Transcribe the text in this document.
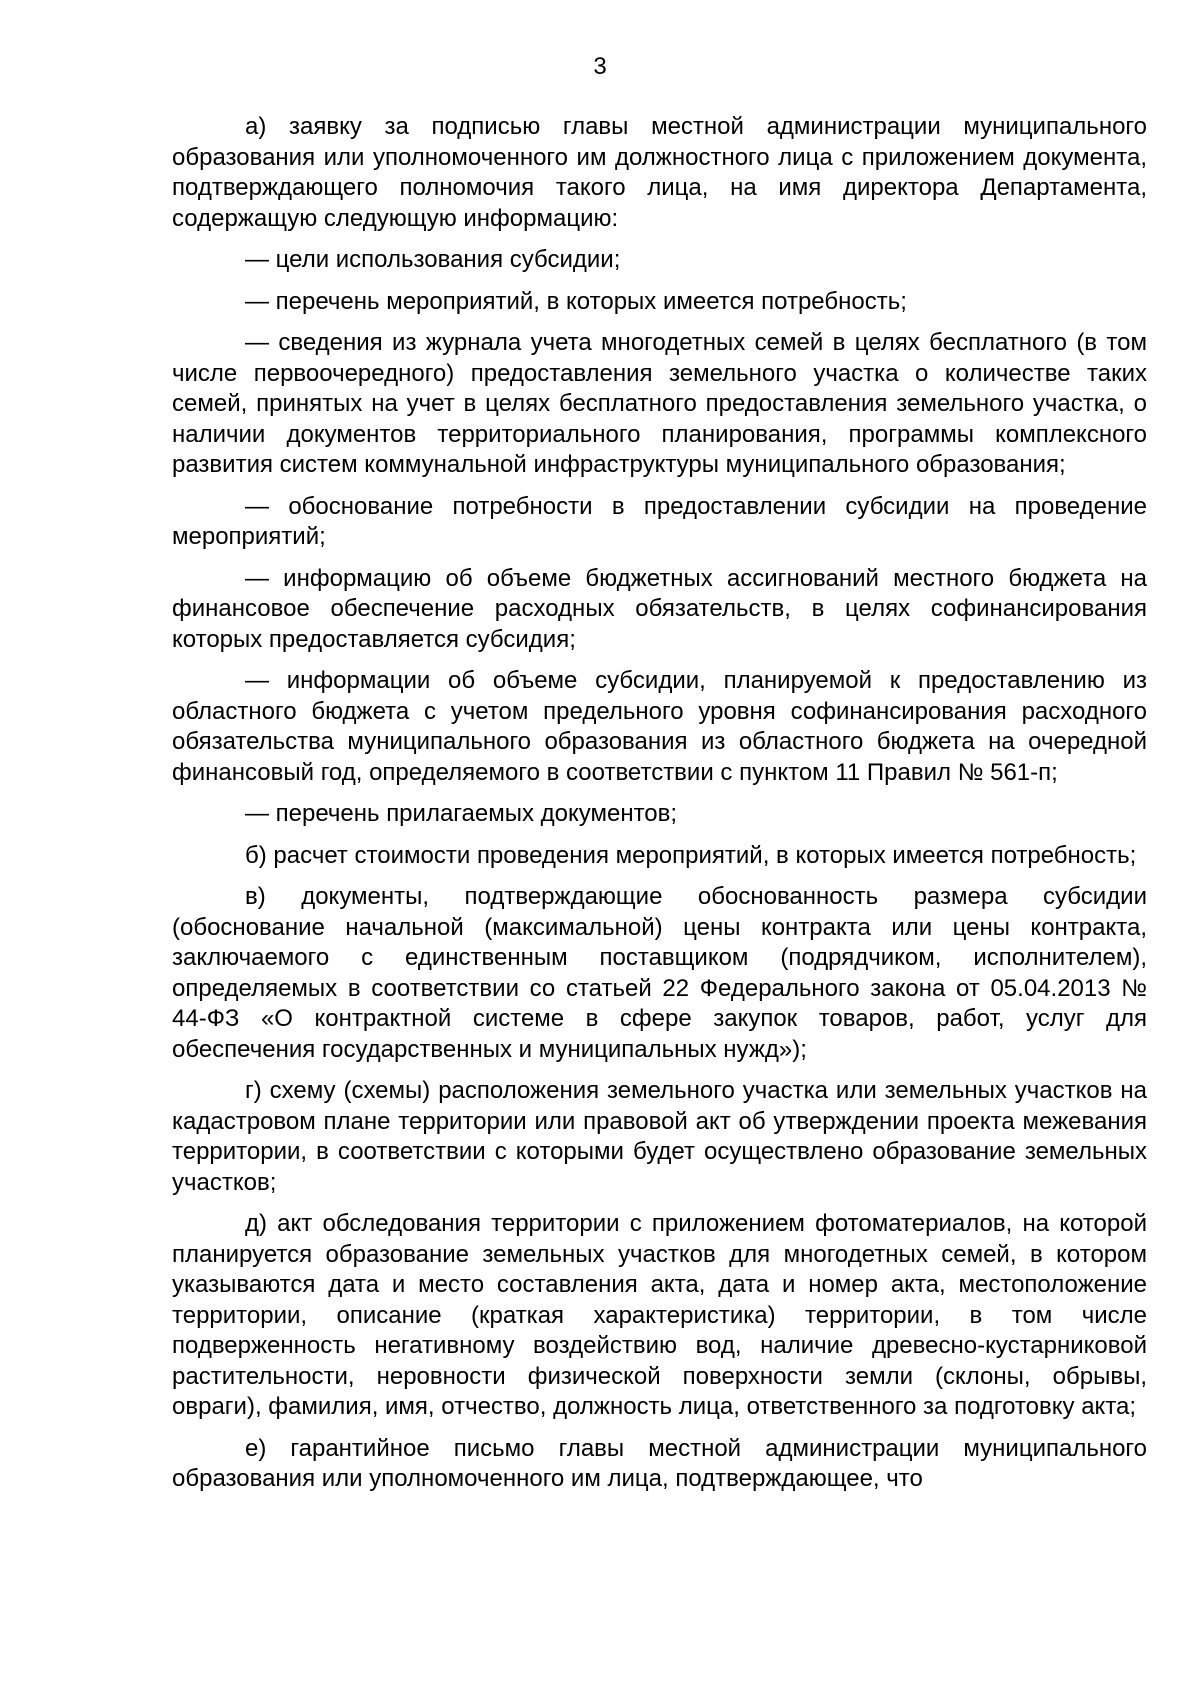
3

а) заявку за подписью главы местной администрации муниципального образования или уполномоченного им должностного лица с приложением документа, подтверждающего полномочия такого лица, на имя директора Департамента, содержащую следующую информацию:

— цели использования субсидии;

— перечень мероприятий, в которых имеется потребность;

— сведения из журнала учета многодетных семей в целях бесплатного (в том числе первоочередного) предоставления земельного участка о количестве таких семей, принятых на учет в целях бесплатного предоставления земельного участка, о наличии документов территориального планирования, программы комплексного развития систем коммунальной инфраструктуры муниципального образования;

— обоснование потребности в предоставлении субсидии на проведение мероприятий;

— информацию об объеме бюджетных ассигнований местного бюджета на финансовое обеспечение расходных обязательств, в целях софинансирования которых предоставляется субсидия;

— информации об объеме субсидии, планируемой к предоставлению из областного бюджета с учетом предельного уровня софинансирования расходного обязательства муниципального образования из областного бюджета на очередной финансовый год, определяемого в соответствии с пунктом 11 Правил № 561-п;

— перечень прилагаемых документов;

б) расчет стоимости проведения мероприятий, в которых имеется потребность;

в) документы, подтверждающие обоснованность размера субсидии (обоснование начальной (максимальной) цены контракта или цены контракта, заключаемого с единственным поставщиком (подрядчиком, исполнителем), определяемых в соответствии со статьей 22 Федерального закона от 05.04.2013 № 44-ФЗ «О контрактной системе в сфере закупок товаров, работ, услуг для обеспечения государственных и муниципальных нужд»);

г) схему (схемы) расположения земельного участка или земельных участков на кадастровом плане территории или правовой акт об утверждении проекта межевания территории, в соответствии с которыми будет осуществлено образование земельных участков;

д) акт обследования территории с приложением фотоматериалов, на которой планируется образование земельных участков для многодетных семей, в котором указываются дата и место составления акта, дата и номер акта, местоположение территории, описание (краткая характеристика) территории, в том числе подверженность негативному воздействию вод, наличие древесно-кустарниковой растительности, неровности физической поверхности земли (склоны, обрывы, овраги), фамилия, имя, отчество, должность лица, ответственного за подготовку акта;

е) гарантийное письмо главы местной администрации муниципального образования или уполномоченного им лица, подтверждающее, что
